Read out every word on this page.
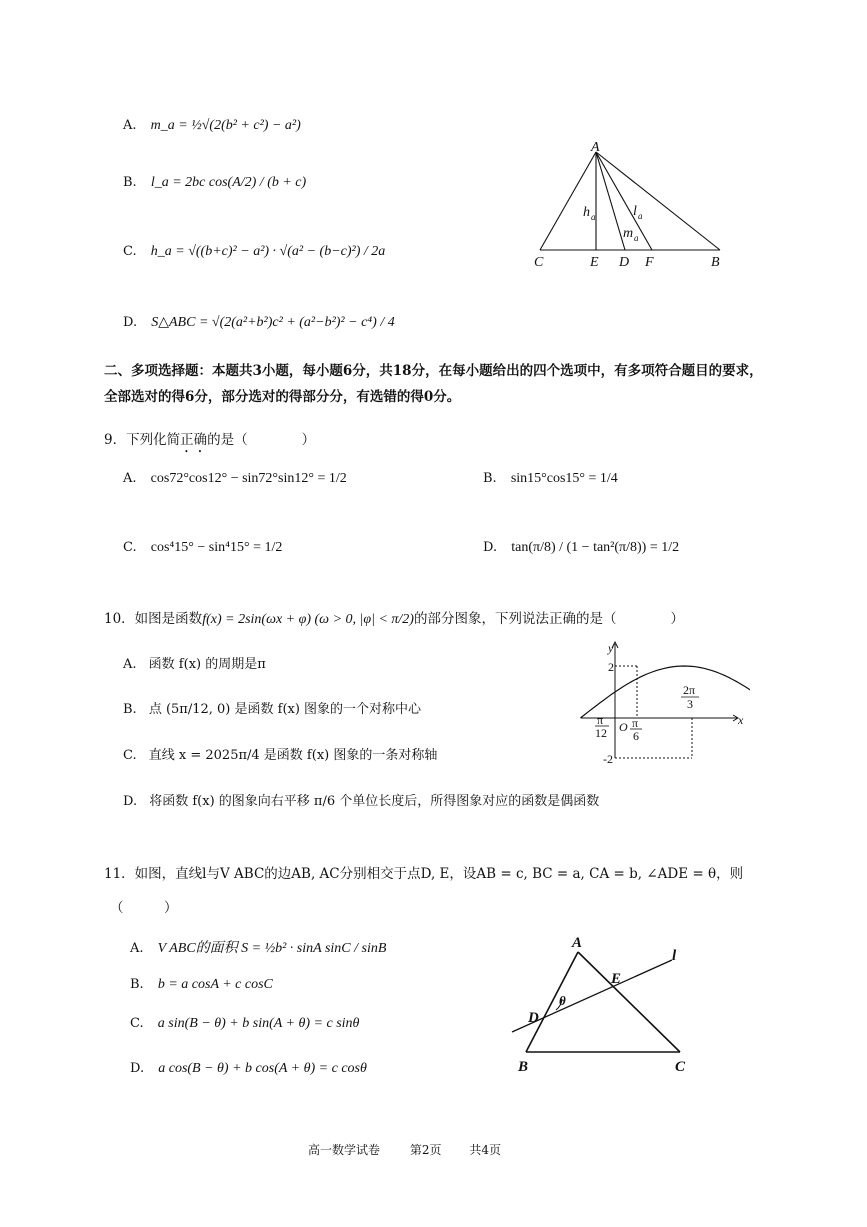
A. m_a = ½√(2(b² + c²) − a²)
B. l_a = 2bc cos(A/2) / (b + c)
C. h_a = √((b+c)² − a²) · √(a² − (b−c)²) / 2a
D. S△ABC = √(2(a²+b²)c² + (a²−b²)² − c⁴) / 4
A
C	E D F	B
h a	l a
m a
二、多项选择题：本题共3小题，每小题6分，共18分，在每小题给出的四个选项中，有多项符合题目的要求，全部选对的得6分，部分选对的得部分分，有选错的得0分。
9．下列化简正确的是（　　　　）
A. cos72°cos12° − sin72°sin12° = 1/2	B. sin15°cos15° = 1/4
C. cos⁴15° − sin⁴15° = 1/2	D. tan(π/8) / (1 − tan²(π/8)) = 1/2
10．如图是函数f(x) = 2sin(ωx + φ) (ω > 0, |φ| < π/2)的部分图象，下列说法正确的是（　　　　）
A. 函数 f(x) 的周期是π
B. 点 (5π/12, 0) 是函数 f(x) 图象的一个对称中心
C. 直线 x = 2025π/4 是函数 f(x) 图象的一条对称轴
D. 将函数 f(x) 的图象向右平移 π/6 个单位长度后，所得图象对应的函数是偶函数
y
x
2
-2
O
π
12
π
6
2π
3
11．如图，直线l与V ABC的边AB, AC分别相交于点D, E，设AB = c, BC = a, CA = b, ∠ADE = θ，则
（　　　）
A. V ABC的面积 S = ½b² · sinA sinC / sinB
B. b = a cosA + c cosC
C. a sin(B − θ) + b sin(A + θ) = c sinθ
D. a cos(B − θ) + b cos(A + θ) = c cosθ
A
B	C
D
E
l
θ
高一数学试卷 第2页 共4页
